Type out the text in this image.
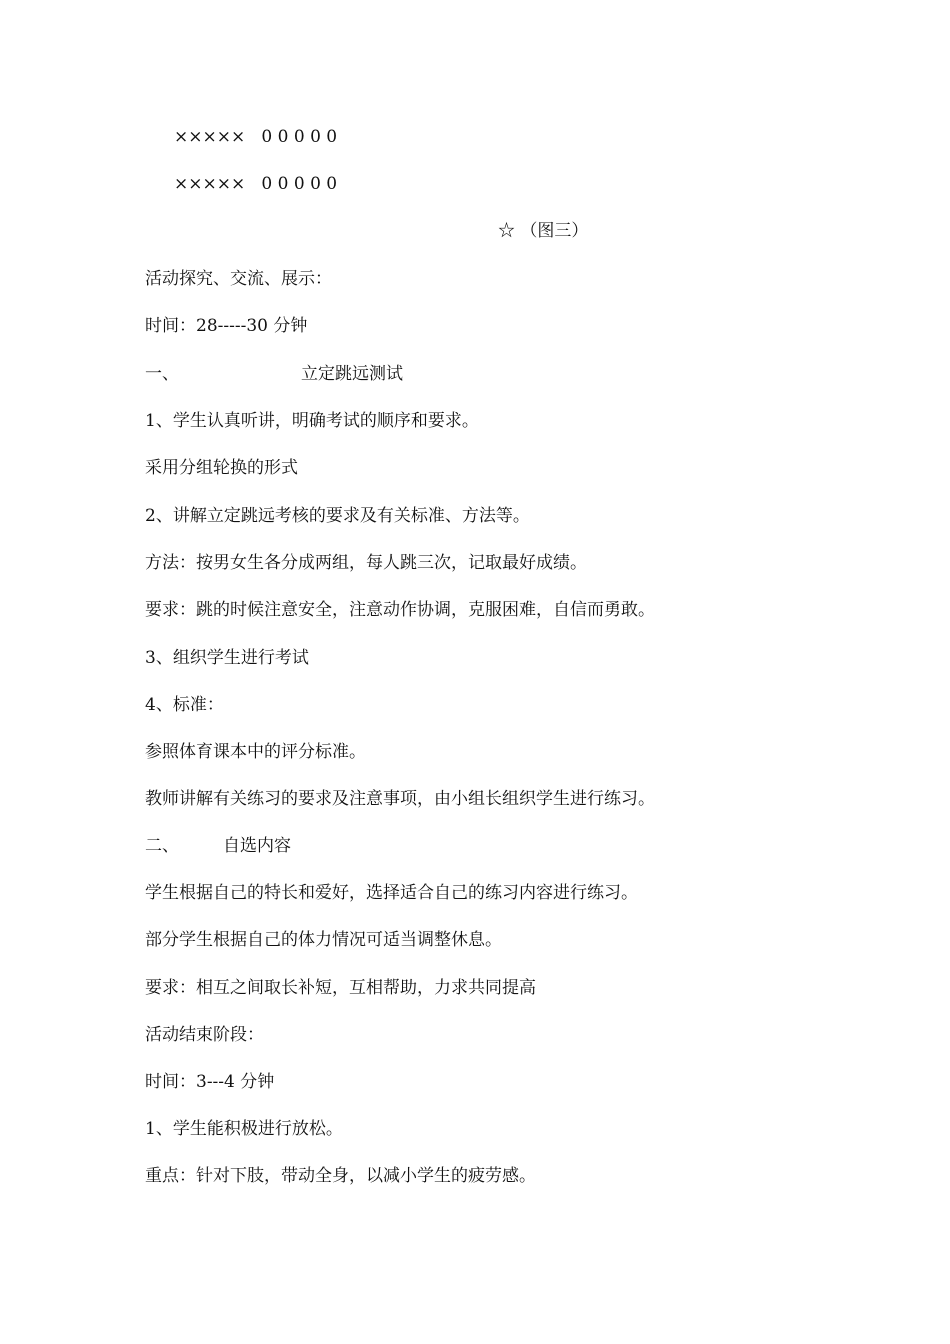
×××××   0 0 0 0 0
×××××   0 0 0 0 0
☆ （图三）
活动探究、交流、展示：
时间：28-----30 分钟
一、	立定跳远测试
1、学生认真听讲，明确考试的顺序和要求。
采用分组轮换的形式
2、讲解立定跳远考核的要求及有关标准、方法等。
方法：按男女生各分成两组，每人跳三次，记取最好成绩。
要求：跳的时候注意安全，注意动作协调，克服困难，自信而勇敢。
3、组织学生进行考试
4、标准：
参照体育课本中的评分标准。
教师讲解有关练习的要求及注意事项，由小组长组织学生进行练习。
二、	自选内容
学生根据自己的特长和爱好，选择适合自己的练习内容进行练习。
部分学生根据自己的体力情况可适当调整休息。
要求：相互之间取长补短，互相帮助，力求共同提高
活动结束阶段：
时间：3---4 分钟
1、学生能积极进行放松。
重点：针对下肢，带动全身，以减小学生的疲劳感。
